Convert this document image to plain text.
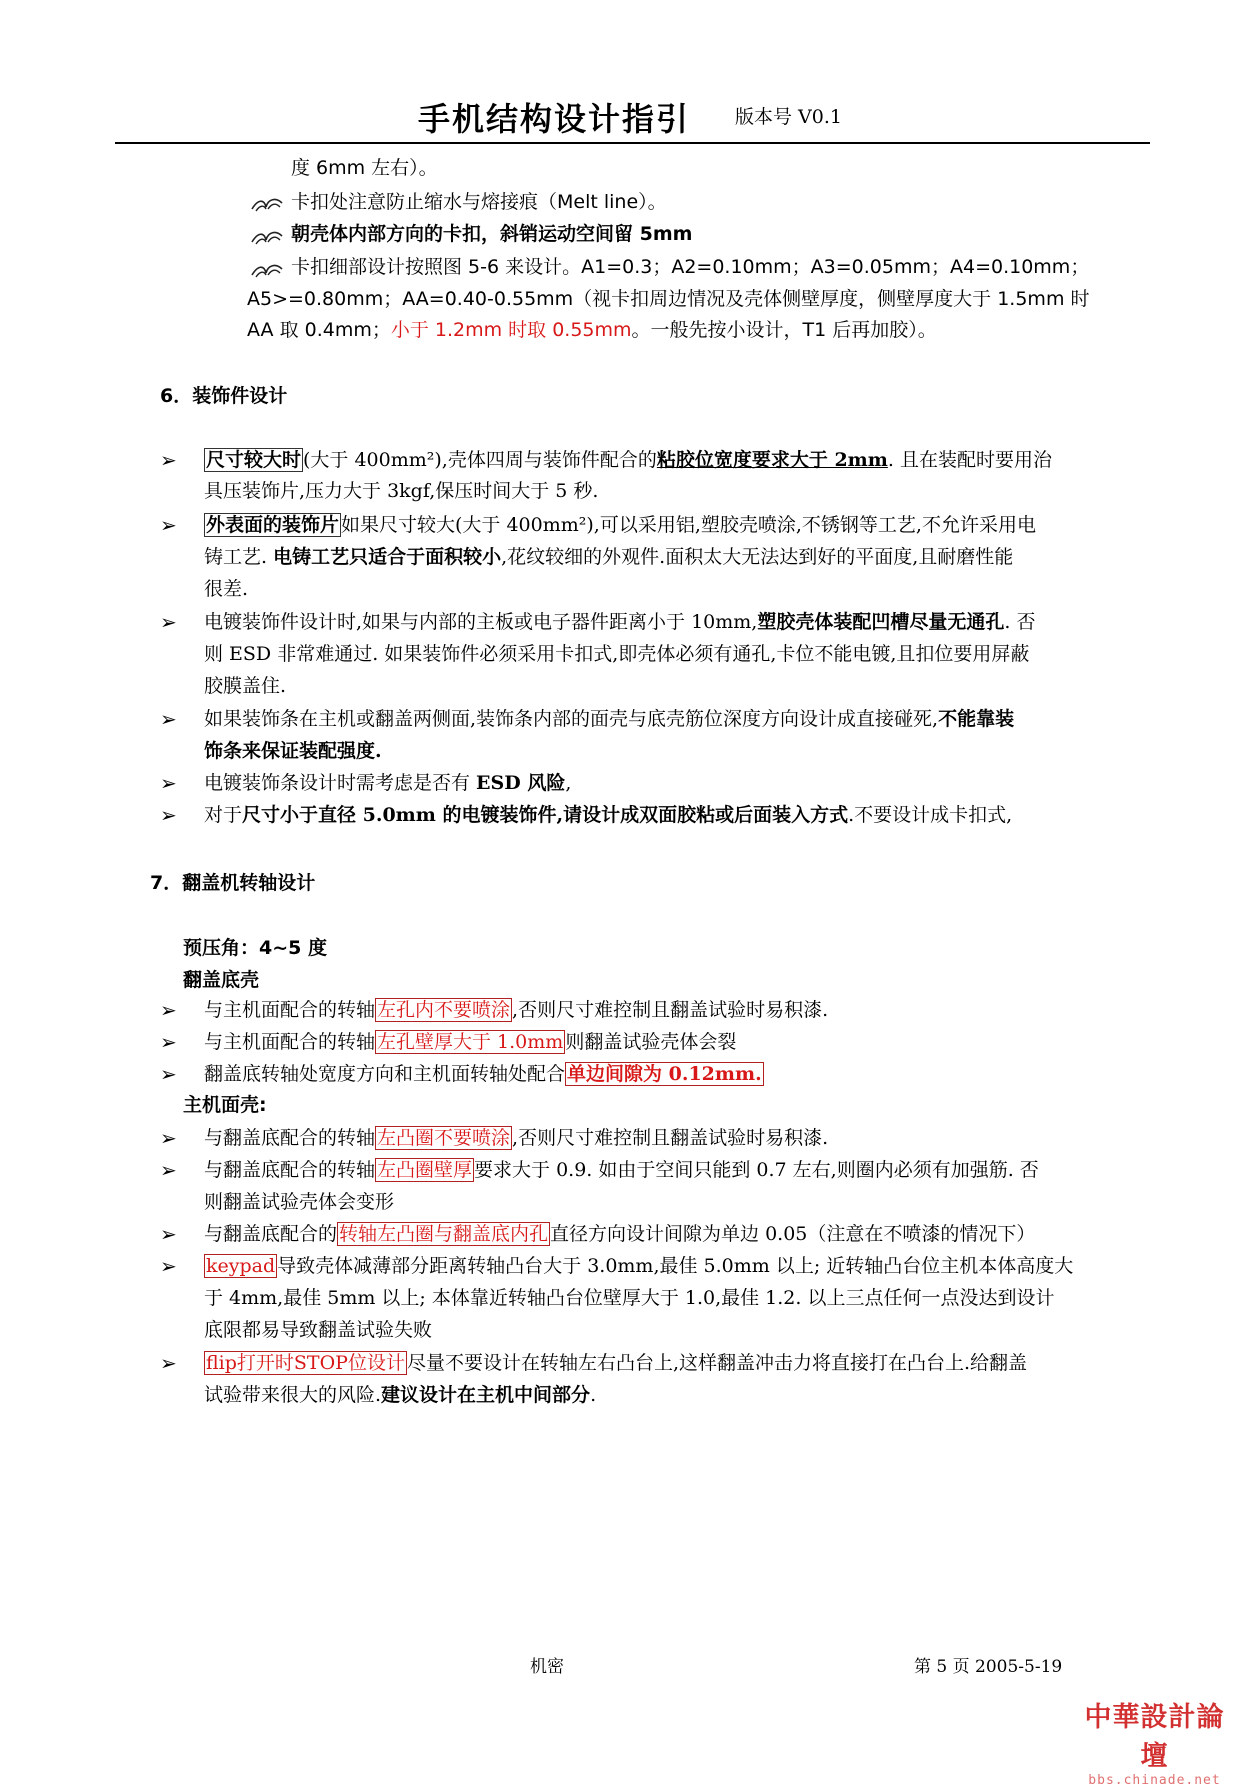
手机结构设计指引 版本号 V0.1
度 6mm 左右）。
卡扣处注意防止缩水与熔接痕（Melt line）。
朝壳体内部方向的卡扣，斜销运动空间留 5mm
卡扣细部设计按照图 5-6 来设计。A1=0.3；A2=0.10mm；A3=0.05mm；A4=0.10mm；
A5>=0.80mm；AA=0.40-0.55mm（视卡扣周边情况及壳体侧壁厚度，侧壁厚度大于 1.5mm 时
AA 取 0.4mm；小于 1.2mm 时取 0.55mm。一般先按小设计，T1 后再加胶）。
6．装饰件设计
➢ 尺寸较大时 (大于 400mm²),壳体四周与装饰件配合的粘胶位宽度要求大于 2mm. 且在装配时要用治
具压装饰片,压力大于 3kgf,保压时间大于 5 秒.
➢ 外表面的装饰片 如果尺寸较大(大于 400mm²),可以采用铝,塑胶壳喷涂,不锈钢等工艺,不允许采用电
铸工艺. 电铸工艺只适合于面积较小,花纹较细的外观件.面积太大无法达到好的平面度,且耐磨性能
很差.
➢ 电镀装饰件设计时,如果与内部的主板或电子器件距离小于 10mm,塑胶壳体装配凹槽尽量无通孔. 否
则 ESD 非常难通过. 如果装饰件必须采用卡扣式,即壳体必须有通孔,卡位不能电镀,且扣位要用屏蔽
胶膜盖住.
➢ 如果装饰条在主机或翻盖两侧面,装饰条内部的面壳与底壳筋位深度方向设计成直接碰死,不能靠装
饰条来保证装配强度.
➢ 电镀装饰条设计时需考虑是否有 ESD 风险,
➢ 对于尺寸小于直径 5.0mm 的电镀装饰件,请设计成双面胶粘或后面装入方式.不要设计成卡扣式,
7．翻盖机转轴设计
预压角：4~5 度
翻盖底壳
➢ 与主机面配合的转轴 左孔内不要喷涂 ,否则尺寸难控制且翻盖试验时易积漆.
➢ 与主机面配合的转轴 左孔壁厚大于 1.0mm 则翻盖试验壳体会裂
➢ 翻盖底转轴处宽度方向和主机面转轴处配合 单边间隙为 0.12mm.
主机面壳:
➢ 与翻盖底配合的转轴 左凸圈不要喷涂 ,否则尺寸难控制且翻盖试验时易积漆.
➢ 与翻盖底配合的转轴 左凸圈壁厚 要求大于 0.9. 如由于空间只能到 0.7 左右,则圈内必须有加强筋. 否
则翻盖试验壳体会变形
➢ 与翻盖底配合的 转轴左凸圈与翻盖底内孔 直径方向设计间隙为单边 0.05（注意在不喷漆的情况下）
➢ keypad 导致壳体减薄部分距离转轴凸台大于 3.0mm,最佳 5.0mm 以上; 近转轴凸台位主机本体高度大
于 4mm,最佳 5mm 以上; 本体靠近转轴凸台位壁厚大于 1.0,最佳 1.2. 以上三点任何一点没达到设计
底限都易导致翻盖试验失败
➢ flip打开时STOP位设计 尽量不要设计在转轴左右凸台上,这样翻盖冲击力将直接打在凸台上.给翻盖
试验带来很大的风险.建议设计在主机中间部分.
机密	第 5 页 2005-5-19
中華設計論壇
bbs.chinade.net
